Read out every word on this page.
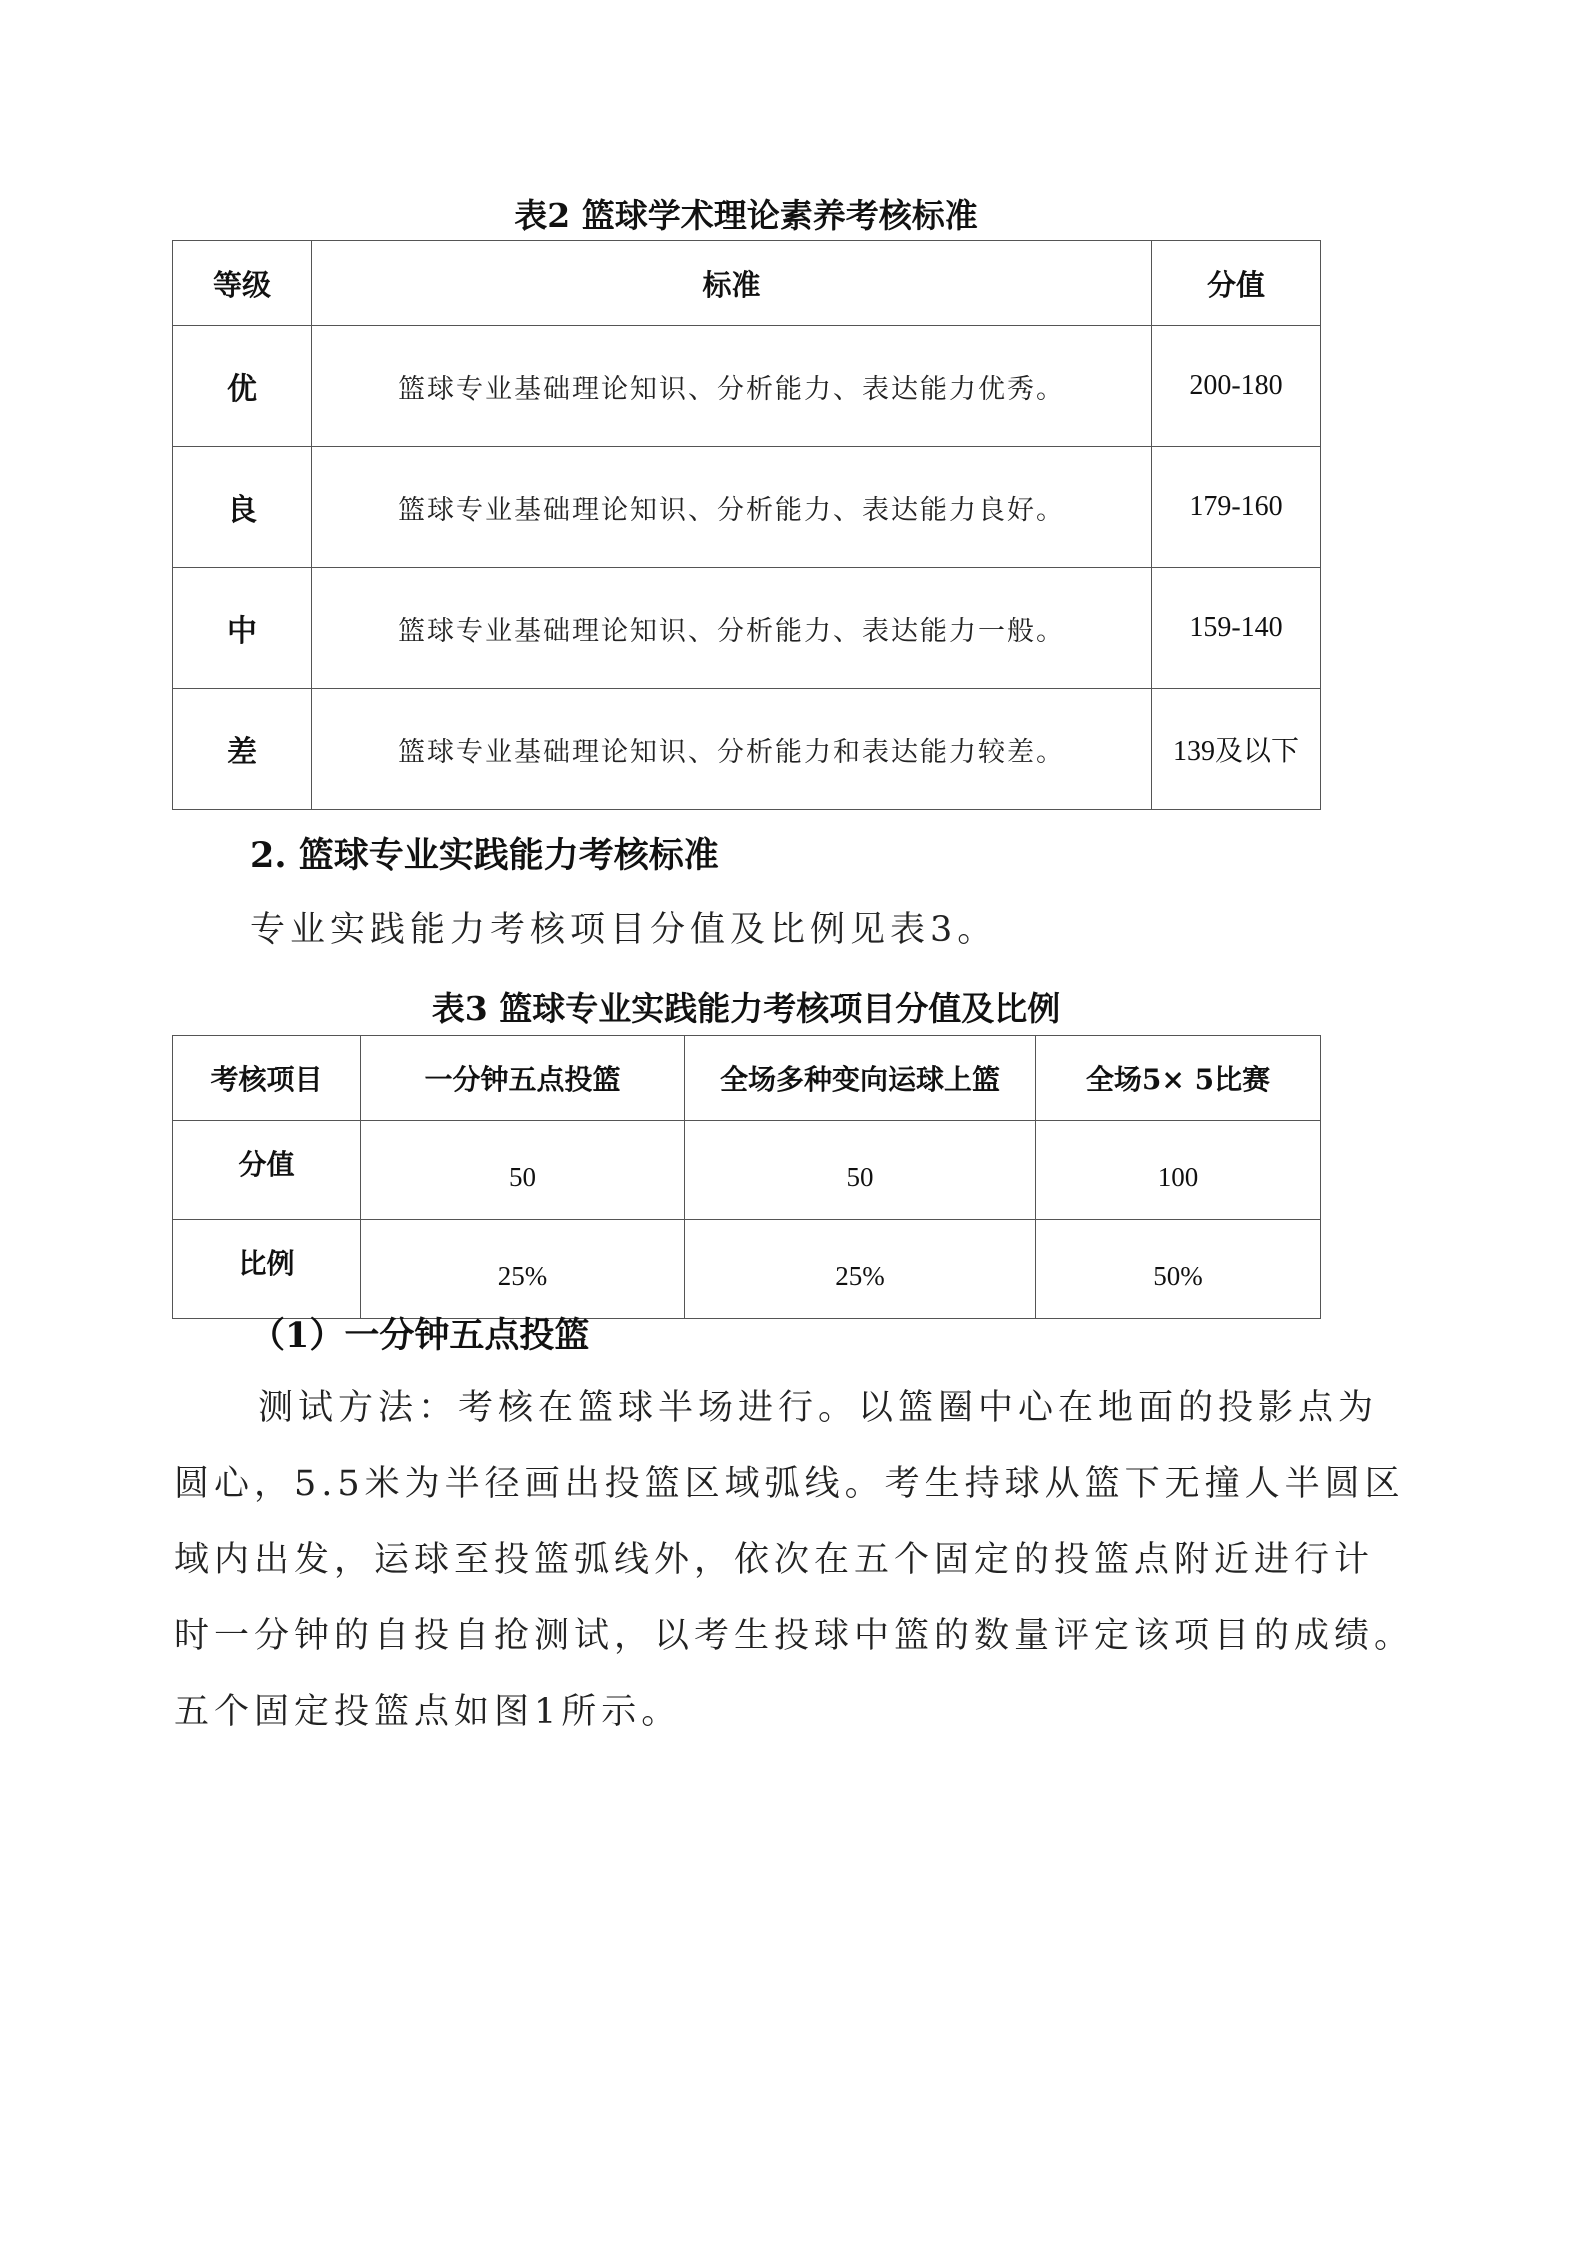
表2 篮球学术理论素养考核标准
等级	标准	分值
优	篮球专业基础理论知识、分析能力、表达能力优秀。	200-180
良	篮球专业基础理论知识、分析能力、表达能力良好。	179-160
中	篮球专业基础理论知识、分析能力、表达能力一般。	159-140
差	篮球专业基础理论知识、分析能力和表达能力较差。	139及以下
2. 篮球专业实践能力考核标准
专业实践能力考核项目分值及比例见表3。
表3 篮球专业实践能力考核项目分值及比例
考核项目	一分钟五点投篮	全场多种变向运球上篮	全场5× 5比赛
分值	50	50	100
比例	25%	25%	50%
（1）一分钟五点投篮
测试方法：考核在篮球半场进行。以篮圈中心在地面的投影点为
圆心，5.5米为半径画出投篮区域弧线。考生持球从篮下无撞人半圆区
域内出发，运球至投篮弧线外，依次在五个固定的投篮点附近进行计
时一分钟的自投自抢测试，以考生投球中篮的数量评定该项目的成绩。
五个固定投篮点如图1所示。
